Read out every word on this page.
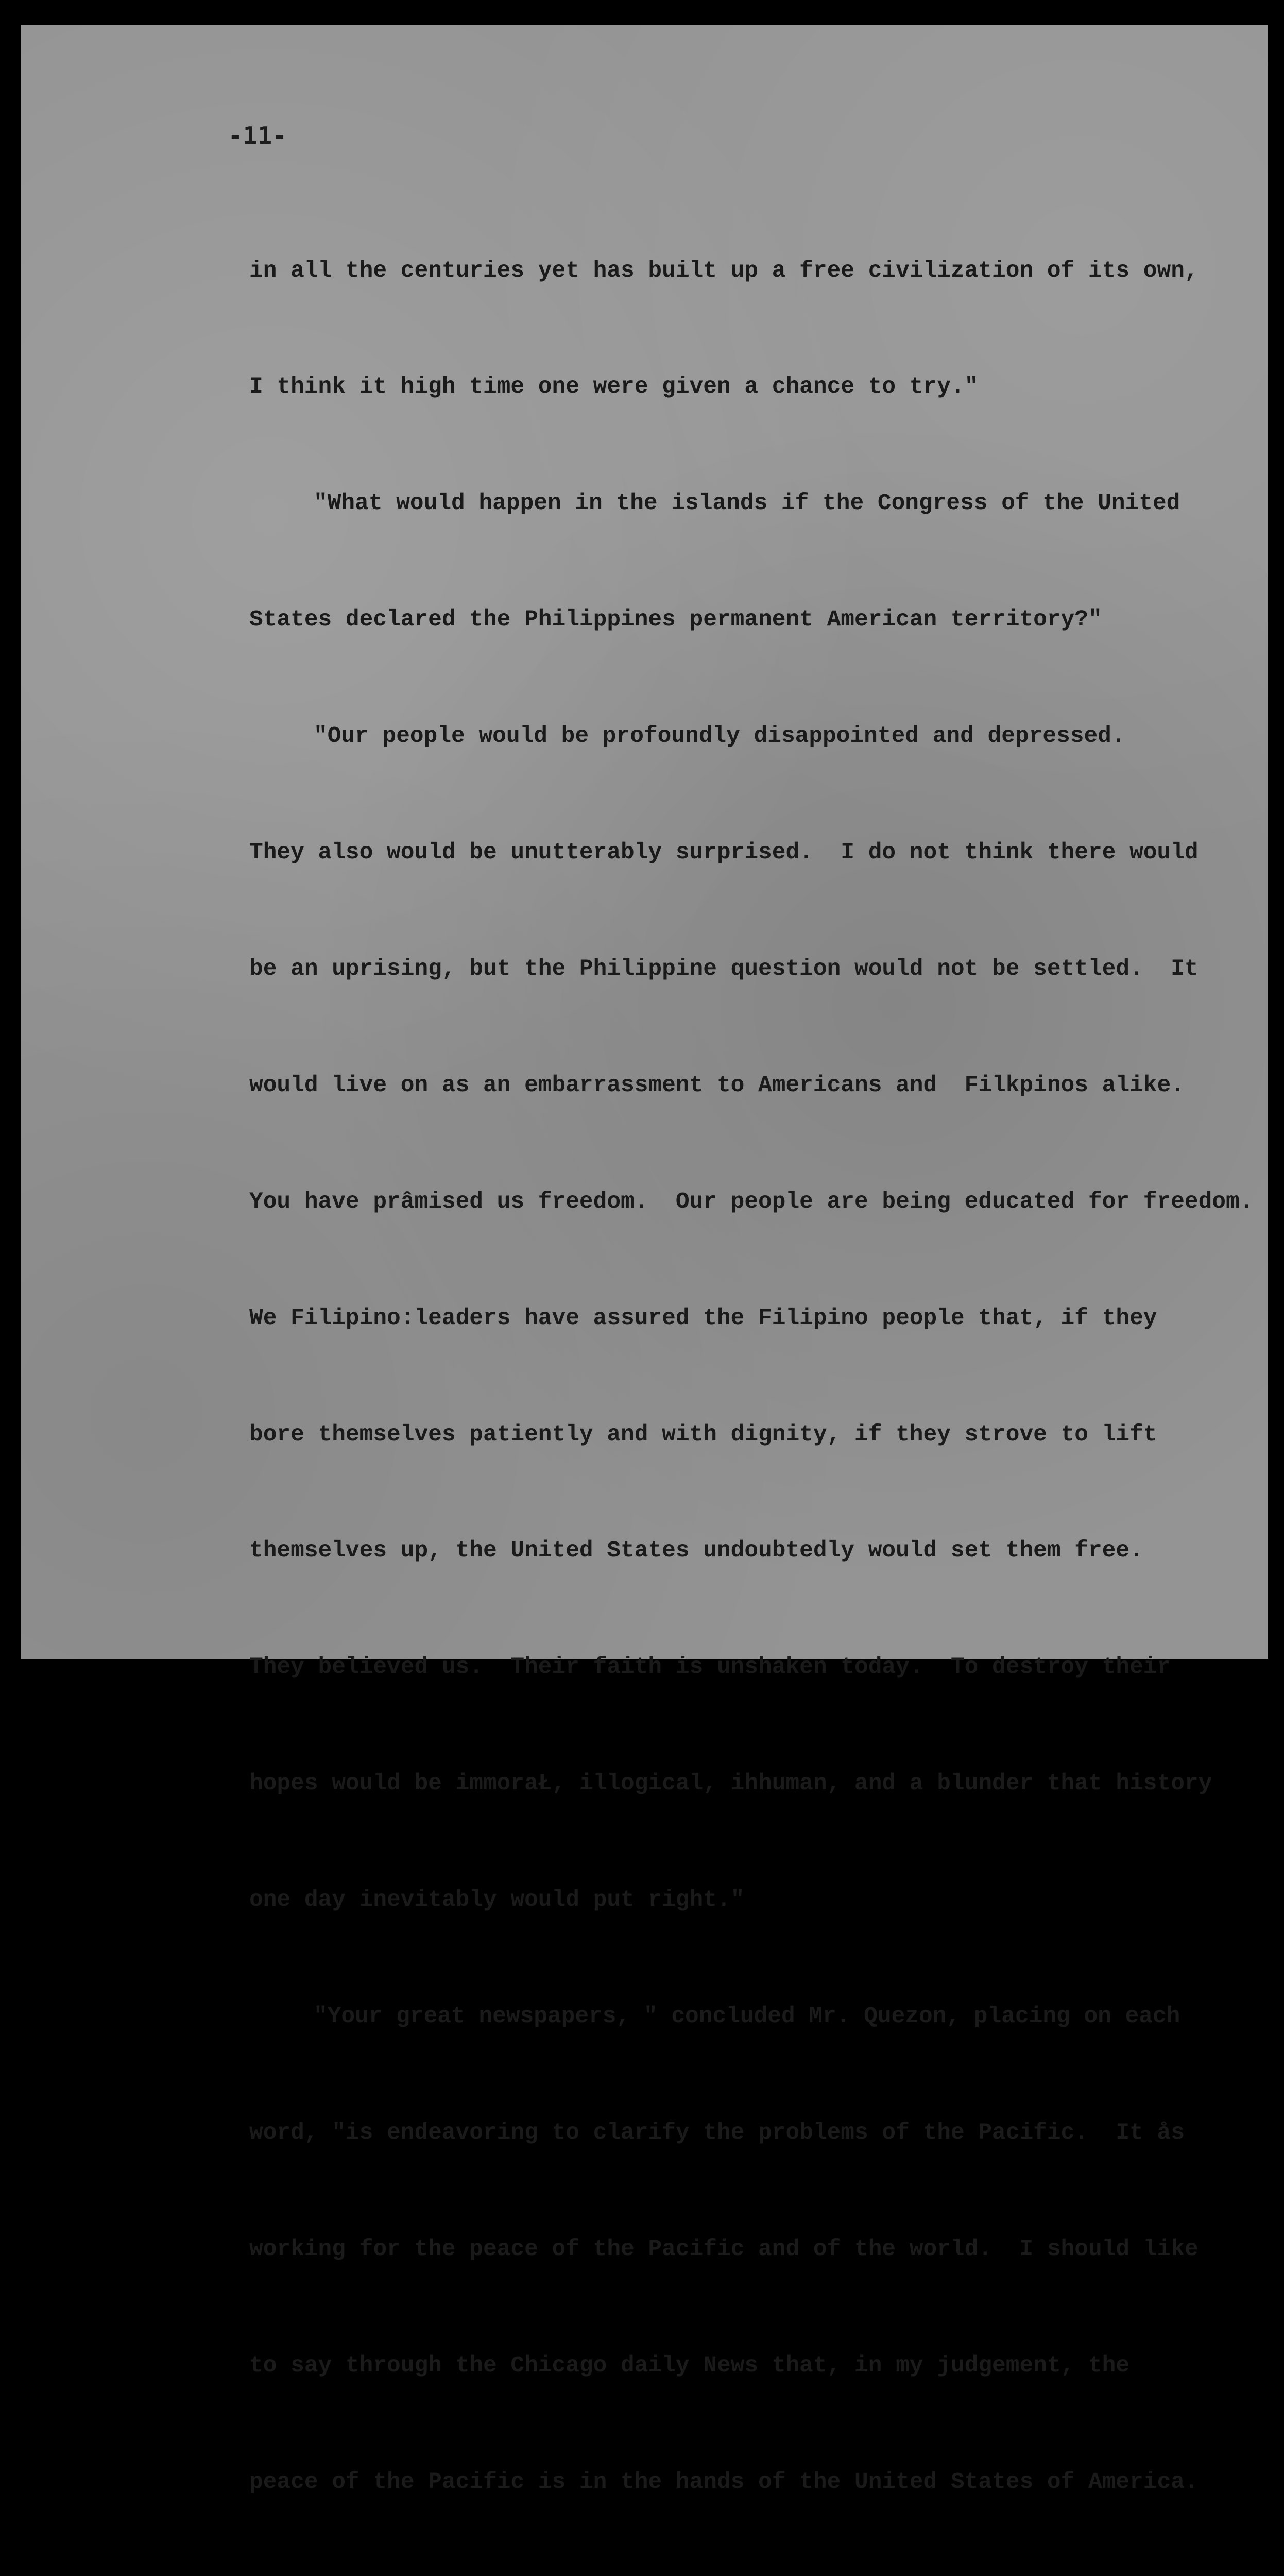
-11-

in all the centuries yet has built up a free civilization of its own,

I think it high time one were given a chance to try."

"What would happen in the islands if the Congress of the United

States declared the Philippines permanent American territory?"

"Our people would be profoundly disappointed and depressed.

They also would be unutterably surprised.  I do not think there would

be an uprising, but the Philippine question would not be settled.  It

would live on as an embarrassment to Americans and  Filkpinos alike.

You have prâmised us freedom.  Our people are being educated for freedom.

We Filipino:leaders have assured the Filipino people that, if they

bore themselves patiently and with dignity, if they strove to lift

themselves up, the United States undoubtedly would set them free.

They believed us.  Their faith is unshaken today.  To destroy their

hopes would be immoraŁ, illogical, ihhuman, and a blunder that history

one day inevitably would put right."

"Your great newspapers, " concluded Mr. Quezon, placing on each

word, "is endeavoring to clarify the problems of the Pacific.  It ås

working for the peace of the Pacific and of the world.  I should like

to say through the Chicago daily News that, in my judgement, the

peace of the Pacific is in the hands of the United States of America.
